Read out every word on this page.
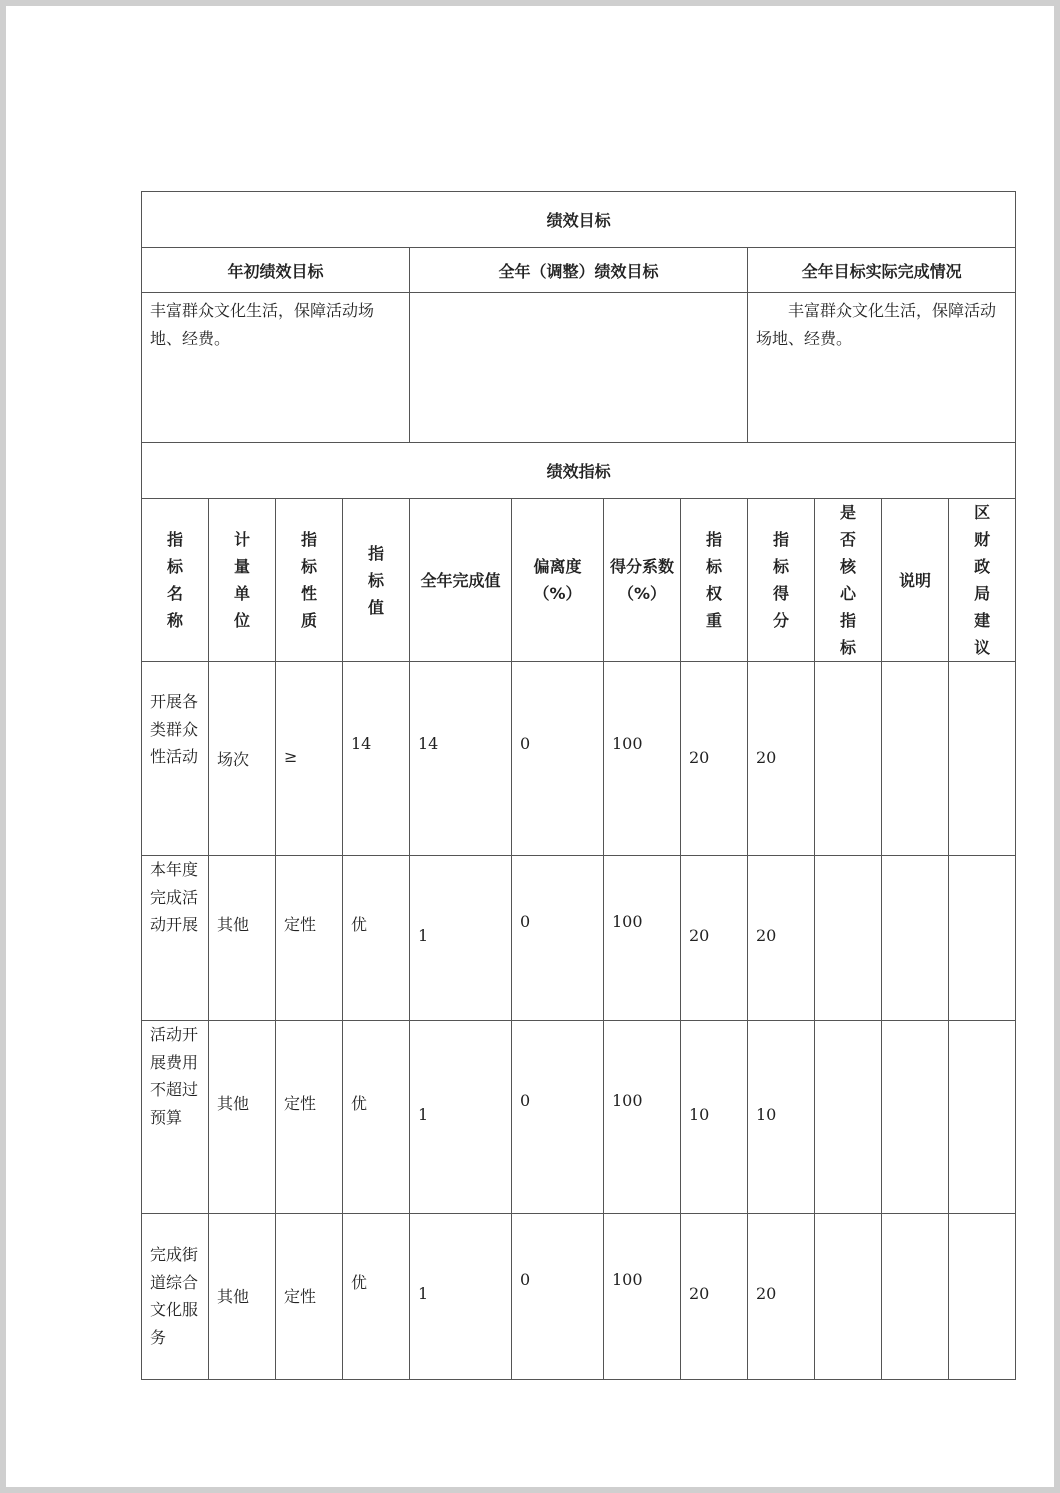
绩效目标											
年初绩效目标				全年（调整）绩效目标				全年目标实际完成情况			
丰富群众文化生活，保障活动场地、经费。								丰富群众文化生活，保障活动场地、经费。			
绩效指标											
指标名称	计量单位	指标性质	指标值	全年完成值	偏离度（%）	得分系数（%）	指标权重	指标得分	是否核心指标	说明	区财政局建议
开展各类群众性活动	场次	≥	14	14	0	100	20	20			
本年度完成活动开展	其他	定性	优	1	0	100	20	20			
活动开展费用不超过预算	其他	定性	优	1	0	100	10	10			
完成街道综合文化服务	其他	定性	优	1	0	100	20	20			
